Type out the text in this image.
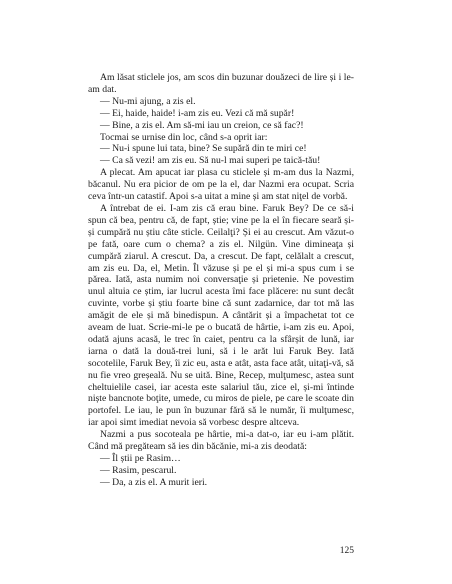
Am lăsat sticlele jos, am scos din buzunar douăzeci de lire și i le-am dat.

— Nu-mi ajung, a zis el.

— Ei, haide, haide! i-am zis eu. Vezi că mă supăr!

— Bine, a zis el. Am să-mi iau un creion, ce să fac?!

Tocmai se urnise din loc, când s-a oprit iar:

— Nu-i spune lui tata, bine? Se supără din te miri ce!

— Ca să vezi! am zis eu. Să nu-l mai superi pe taică-tău!

A plecat. Am apucat iar plasa cu sticlele și m-am dus la Nazmi, băcanul. Nu era picior de om pe la el, dar Nazmi era ocupat. Scria ceva într-un catastif. Apoi s-a uitat a mine și am stat niţel de vorbă.

A întrebat de ei. I-am zis că erau bine. Faruk Bey? De ce să-i spun că bea, pentru că, de fapt, știe; vine pe la el în fiecare seară și-și cumpără nu știu câte sticle. Ceilalţi? Și ei au crescut. Am văzut-o pe fată, oare cum o chema? a zis el. Nilgün. Vine dimineaţa și cumpără ziarul. A crescut. Da, a crescut. De fapt, celălalt a crescut, am zis eu. Da, el, Metin. Îl văzuse și pe el și mi-a spus cum i se părea. Iată, asta numim noi conversaţie și prietenie. Ne povestim unul altuia ce știm, iar lucrul acesta îmi face plăcere: nu sunt decât cuvinte, vorbe și știu foarte bine că sunt zadarnice, dar tot mă las amăgit de ele și mă binedispun. A cântărit și a împachetat tot ce aveam de luat. Scrie-mi-le pe o bucată de hârtie, i-am zis eu. Apoi, odată ajuns acasă, le trec în caiet, pentru ca la sfârșit de lună, iar iarna o dată la două-trei luni, să i le arăt lui Faruk Bey. Iată socotelile, Faruk Bey, îi zic eu, asta e atât, asta face atât, uitaţi-vă, să nu fie vreo greșeală. Nu se uită. Bine, Recep, mulţumesc, astea sunt cheltuielile casei, iar acesta este salariul tău, zice el, și-mi întinde niște bancnote boţite, umede, cu miros de piele, pe care le scoate din portofel. Le iau, le pun în buzunar fără să le număr, îi mulţumesc, iar apoi simt imediat nevoia să vorbesc despre altceva.

Nazmi a pus socoteala pe hârtie, mi-a dat-o, iar eu i-am plătit. Când mă pregăteam să ies din băcănie, mi-a zis deodată:

— Îl știi pe Rasim…

— Rasim, pescarul.

— Da, a zis el. A murit ieri.

125
